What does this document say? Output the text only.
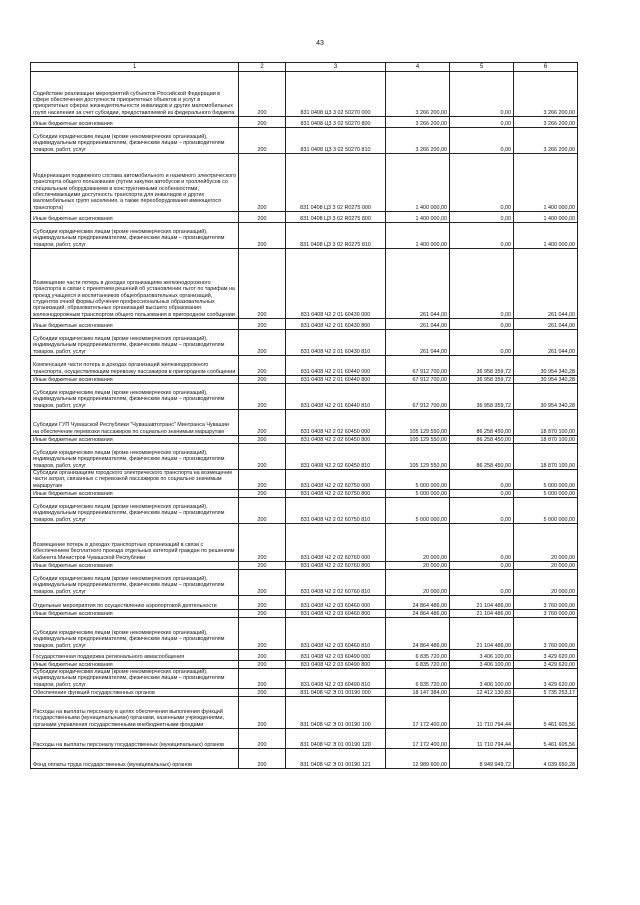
43
1	2	3	4	5	6
Содействие реализации мероприятий субъектов Российской Федерации в сфере обеспечения доступности приоритетных объектов и услуг в приоритетных сферах жизнедеятельности инвалидов и других маломобильных групп населения за счет субсидии, предоставляемой из федерального бюджета	200	831 0408 Ц3 3 02 50270 000	3 266 200,00	0,00	3 266 200,00
Иные бюджетные ассигнования	200	831 0408 Ц3 3 02 50270 800	3 266 200,00	0,00	3 266 200,00
Субсидии юридическим лицам (кроме некоммерческих организаций), индивидуальным предпринимателям, физическим лицам – производителям товаров, работ, услуг	200	831 0408 Ц3 3 02 50270 810	3 266 200,00	0,00	3 266 200,00
Модернизация подвижного состава автомобильного и наземного электрического транспорта общего пользования (путем закупки автобусов и троллейбусов со специальным оборудованием и конструктивными особенностями, обеспечивающими доступность транспорта для инвалидов и других маломобильных групп населения, а также переоборудования имеющегося транспорта)	200	831 0408 Ц3 3 02 R0275 000	1 400 000,00	0,00	1 400 000,00
Иные бюджетные ассигнования	200	831 0408 Ц3 3 02 R0275 800	1 400 000,00	0,00	1 400 000,00
Субсидии юридическим лицам (кроме некоммерческих организаций), индивидуальным предпринимателям, физическим лицам – производителям товаров, работ, услуг	200	831 0408 Ц3 3 02 R0275 810	1 400 000,00	0,00	1 400 000,00
Возмещение части потерь в доходах организациям железнодорожного транспорта в связи с принятием решений об установлении льгот по тарифам на проезд учащихся и воспитанников общеобразовательных организаций, студентов очной формы обучения профессиональных образовательных организаций, образовательных организаций высшего образования железнодорожным транспортом общего пользования в пригородном сообщении	200	831 0408 Ч2 2 01 60430 000	261 044,00	0,00	261 044,00
Иные бюджетные ассигнования	200	831 0408 Ч2 2 01 60430 800	261 044,00	0,00	261 044,00
Субсидии юридическим лицам (кроме некоммерческих организаций), индивидуальным предпринимателям, физическим лицам – производителям товаров, работ, услуг	200	831 0408 Ч2 2 01 60430 810	261 044,00	0,00	261 044,00
Компенсация части потерь в доходах организаций железнодорожного транспорта, осуществляющим перевозку пассажиров в пригородном сообщении	200	831 0408 Ч2 2 01 60440 000	67 912 700,00	36 958 359,72	30 954 340,28
Иные бюджетные ассигнования	200	831 0408 Ч2 2 01 60440 800	67 912 700,00	36 958 359,72	30 954 340,28
Субсидии юридическим лицам (кроме некоммерческих организаций), индивидуальным предпринимателям, физическим лицам – производителям товаров, работ, услуг	200	831 0408 Ч2 2 01 60440 810	67 912 700,00	36 958 359,72	30 954 340,28
Субсидии ГУП Чувашской Республики "Чувашавтотранс" Минтранса Чувашии на обеспечение перевозки пассажиров по социально значимым маршрутам	200	831 0408 Ч2 2 02 60450 000	105 129 550,00	86 258 450,00	18 870 100,00
Иные бюджетные ассигнования	200	831 0408 Ч2 2 02 60450 800	105 129 550,00	86 258 450,00	18 870 100,00
Субсидии юридическим лицам (кроме некоммерческих организаций), индивидуальным предпринимателям, физическим лицам – производителям товаров, работ, услуг	200	831 0408 Ч2 2 02 60450 810	105 129 550,00	86 258 450,00	18 870 100,00
Субсидии организациям городского электрического транспорта на возмещение части затрат, связанных с перевозкой пассажиров по социально значимым маршрутам	200	831 0408 Ч2 2 02 60750 000	5 000 000,00	0,00	5 000 000,00
Иные бюджетные ассигнования	200	831 0408 Ч2 2 02 60750 800	5 000 000,00	0,00	5 000 000,00
Субсидии юридическим лицам (кроме некоммерческих организаций), индивидуальным предпринимателям, физическим лицам – производителям товаров, работ, услуг	200	831 0408 Ч2 2 02 60750 810	5 000 000,00	0,00	5 000 000,00
Возмещение потерь в доходах транспортных организаций в связи с обеспечением бесплатного проезда отдельных категорий граждан по решениям Кабинета Министров Чувашской Республики	200	831 0408 Ч2 2 02 60760 000	20 000,00	0,00	20 000,00
Иные бюджетные ассигнования	200	831 0408 Ч2 2 02 60760 800	20 000,00	0,00	20 000,00
Субсидии юридическим лицам (кроме некоммерческих организаций), индивидуальным предпринимателям, физическим лицам – производителям товаров, работ, услуг	200	831 0408 Ч2 2 02 60760 810	20 000,00	0,00	20 000,00
Отдельные мероприятия по осуществлению аэропортовой деятельности	200	831 0408 Ч2 2 03 60460 000	24 864 486,00	21 104 486,00	3 760 000,00
Иные бюджетные ассигнования	200	831 0408 Ч2 2 03 60460 800	24 864 486,00	21 104 486,00	3 760 000,00
Субсидии юридическим лицам (кроме некоммерческих организаций), индивидуальным предпринимателям, физическим лицам – производителям товаров, работ, услуг	200	831 0408 Ч2 2 03 60460 810	24 864 486,00	21 104 486,00	3 760 000,00
Государственная поддержка регионального авиасообщения	200	831 0408 Ч2 2 03 60490 000	6 835 720,00	3 406 100,00	3 429 620,00
Иные бюджетные ассигнования	200	831 0408 Ч2 2 03 60490 800	6 835 720,00	3 406 100,00	3 429 620,00
Субсидии юридическим лицам (кроме некоммерческих организаций), индивидуальным предпринимателям, физическим лицам – производителям товаров, работ, услуг	200	831 0408 Ч2 2 03 60490 810	6 835 720,00	3 406 100,00	3 429 620,00
Обеспечение функций государственных органов	200	831 0408 Ч2 Э 01 00190 000	18 147 384,00	12 412 130,83	5 735 253,17
Расходы на выплаты персоналу в целях обеспечения выполнения функций государственными (муниципальными) органами, казенными учреждениями, органами управления государственными внебюджетными фондами	200	831 0408 Ч2 Э 01 00190 100	17 172 400,00	11 710 794,44	5 461 605,56
Расходы на выплаты персоналу государственных (муниципальных) органов	200	831 0408 Ч2 Э 01 00190 120	17 172 400,00	11 710 794,44	5 461 605,56
Фонд оплаты труда государственных (муниципальных) органов	200	831 0408 Ч2 Э 01 00190 121	12 989 600,00	8 949 949,72	4 039 650,28
